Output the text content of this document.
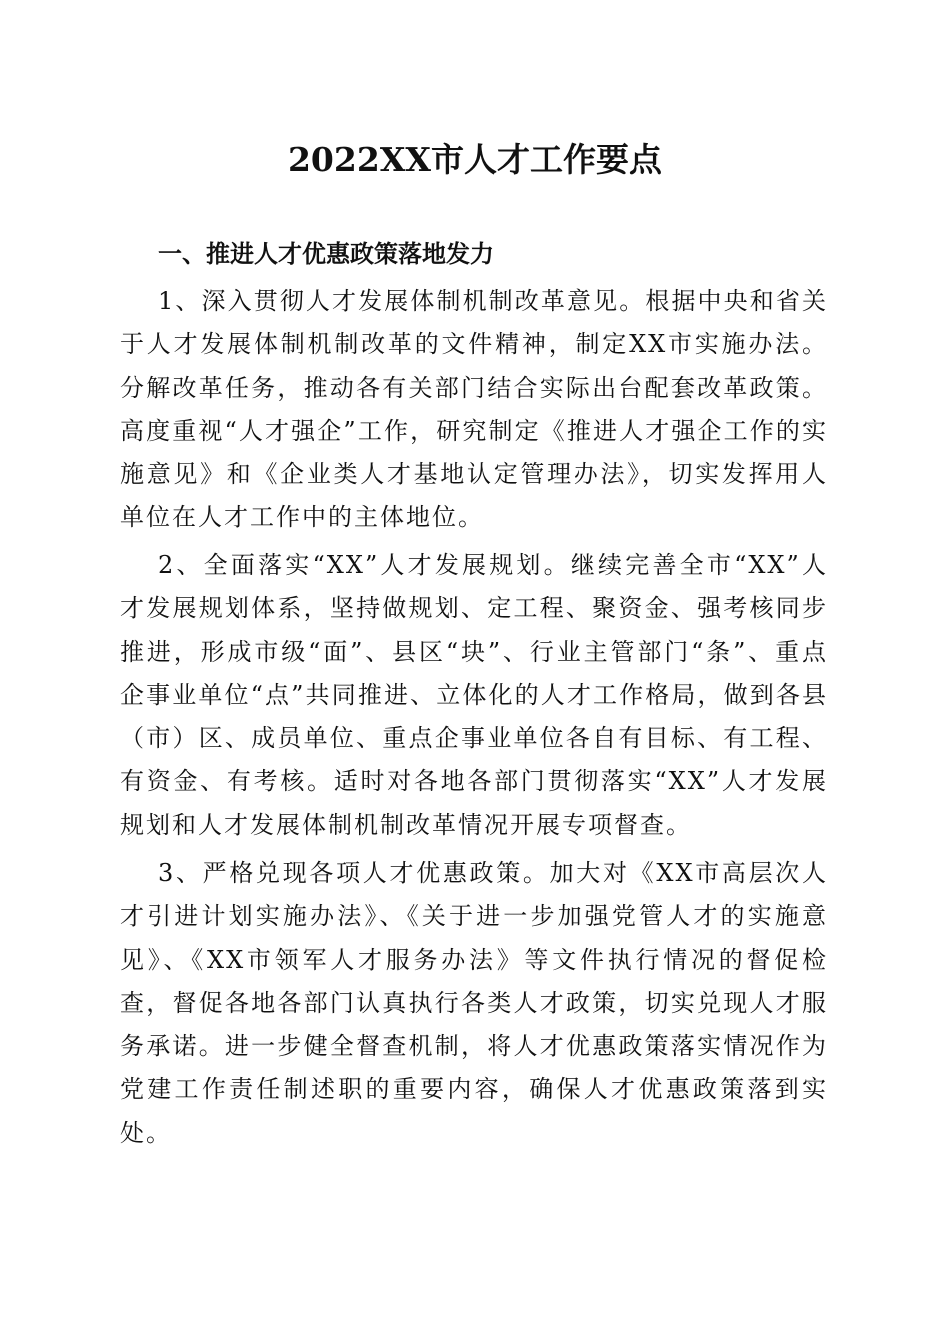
2022XX市人才工作要点
一、推进人才优惠政策落地发力

1、深入贯彻人才发展体制机制改革意见。根据中央和省关于人才发展体制机制改革的文件精神，制定XX市实施办法。分解改革任务，推动各有关部门结合实际出台配套改革政策。高度重视“人才强企”工作，研究制定《推进人才强企工作的实施意见》和《企业类人才基地认定管理办法》，切实发挥用人单位在人才工作中的主体地位。

2、全面落实“XX”人才发展规划。继续完善全市“XX”人才发展规划体系，坚持做规划、定工程、聚资金、强考核同步推进，形成市级“面”、县区“块”、行业主管部门“条”、重点企事业单位“点”共同推进、立体化的人才工作格局，做到各县（市）区、成员单位、重点企事业单位各自有目标、有工程、有资金、有考核。适时对各地各部门贯彻落实“XX”人才发展规划和人才发展体制机制改革情况开展专项督查。

3、严格兑现各项人才优惠政策。加大对《XX市高层次人才引进计划实施办法》、《关于进一步加强党管人才的实施意见》、《XX市领军人才服务办法》等文件执行情况的督促检查，督促各地各部门认真执行各类人才政策，切实兑现人才服务承诺。进一步健全督查机制，将人才优惠政策落实情况作为党建工作责任制述职的重要内容，确保人才优惠政策落到实处。
